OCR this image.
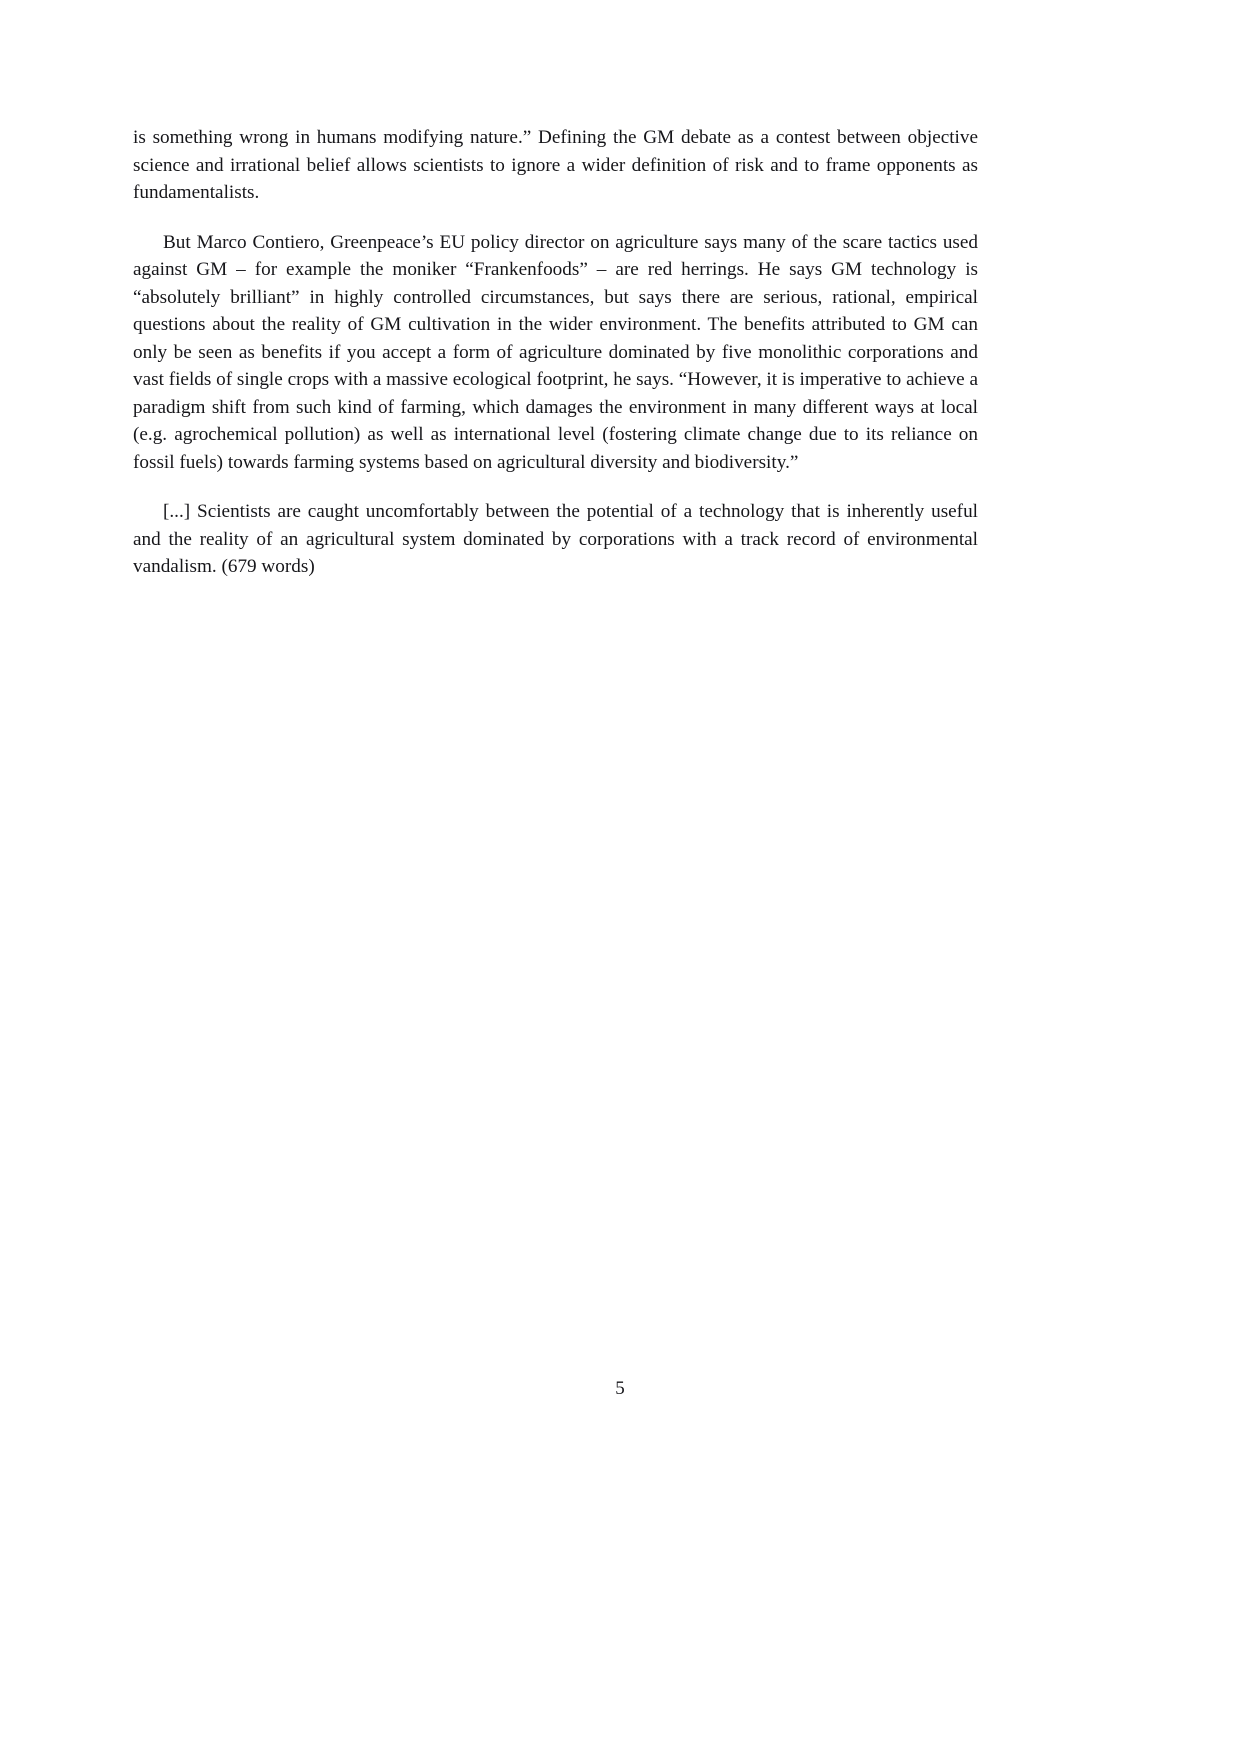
is something wrong in humans modifying nature.” Defining the GM debate as a contest between objective science and irrational belief allows scientists to ignore a wider definition of risk and to frame opponents as fundamentalists.

But Marco Contiero, Greenpeace’s EU policy director on agriculture says many of the scare tactics used against GM – for example the moniker “Frankenfoods” – are red herrings. He says GM technology is “absolutely brilliant” in highly controlled circumstances, but says there are serious, rational, empirical questions about the reality of GM cultivation in the wider environment. The benefits attributed to GM can only be seen as benefits if you accept a form of agriculture dominated by five monolithic corporations and vast fields of single crops with a massive ecological footprint, he says. “However, it is imperative to achieve a paradigm shift from such kind of farming, which damages the environment in many different ways at local (e.g. agrochemical pollution) as well as international level (fostering climate change due to its reliance on fossil fuels) towards farming systems based on agricultural diversity and biodiversity.”

[...] Scientists are caught uncomfortably between the potential of a technology that is inherently useful and the reality of an agricultural system dominated by corporations with a track record of environmental vandalism. (679 words)

5
